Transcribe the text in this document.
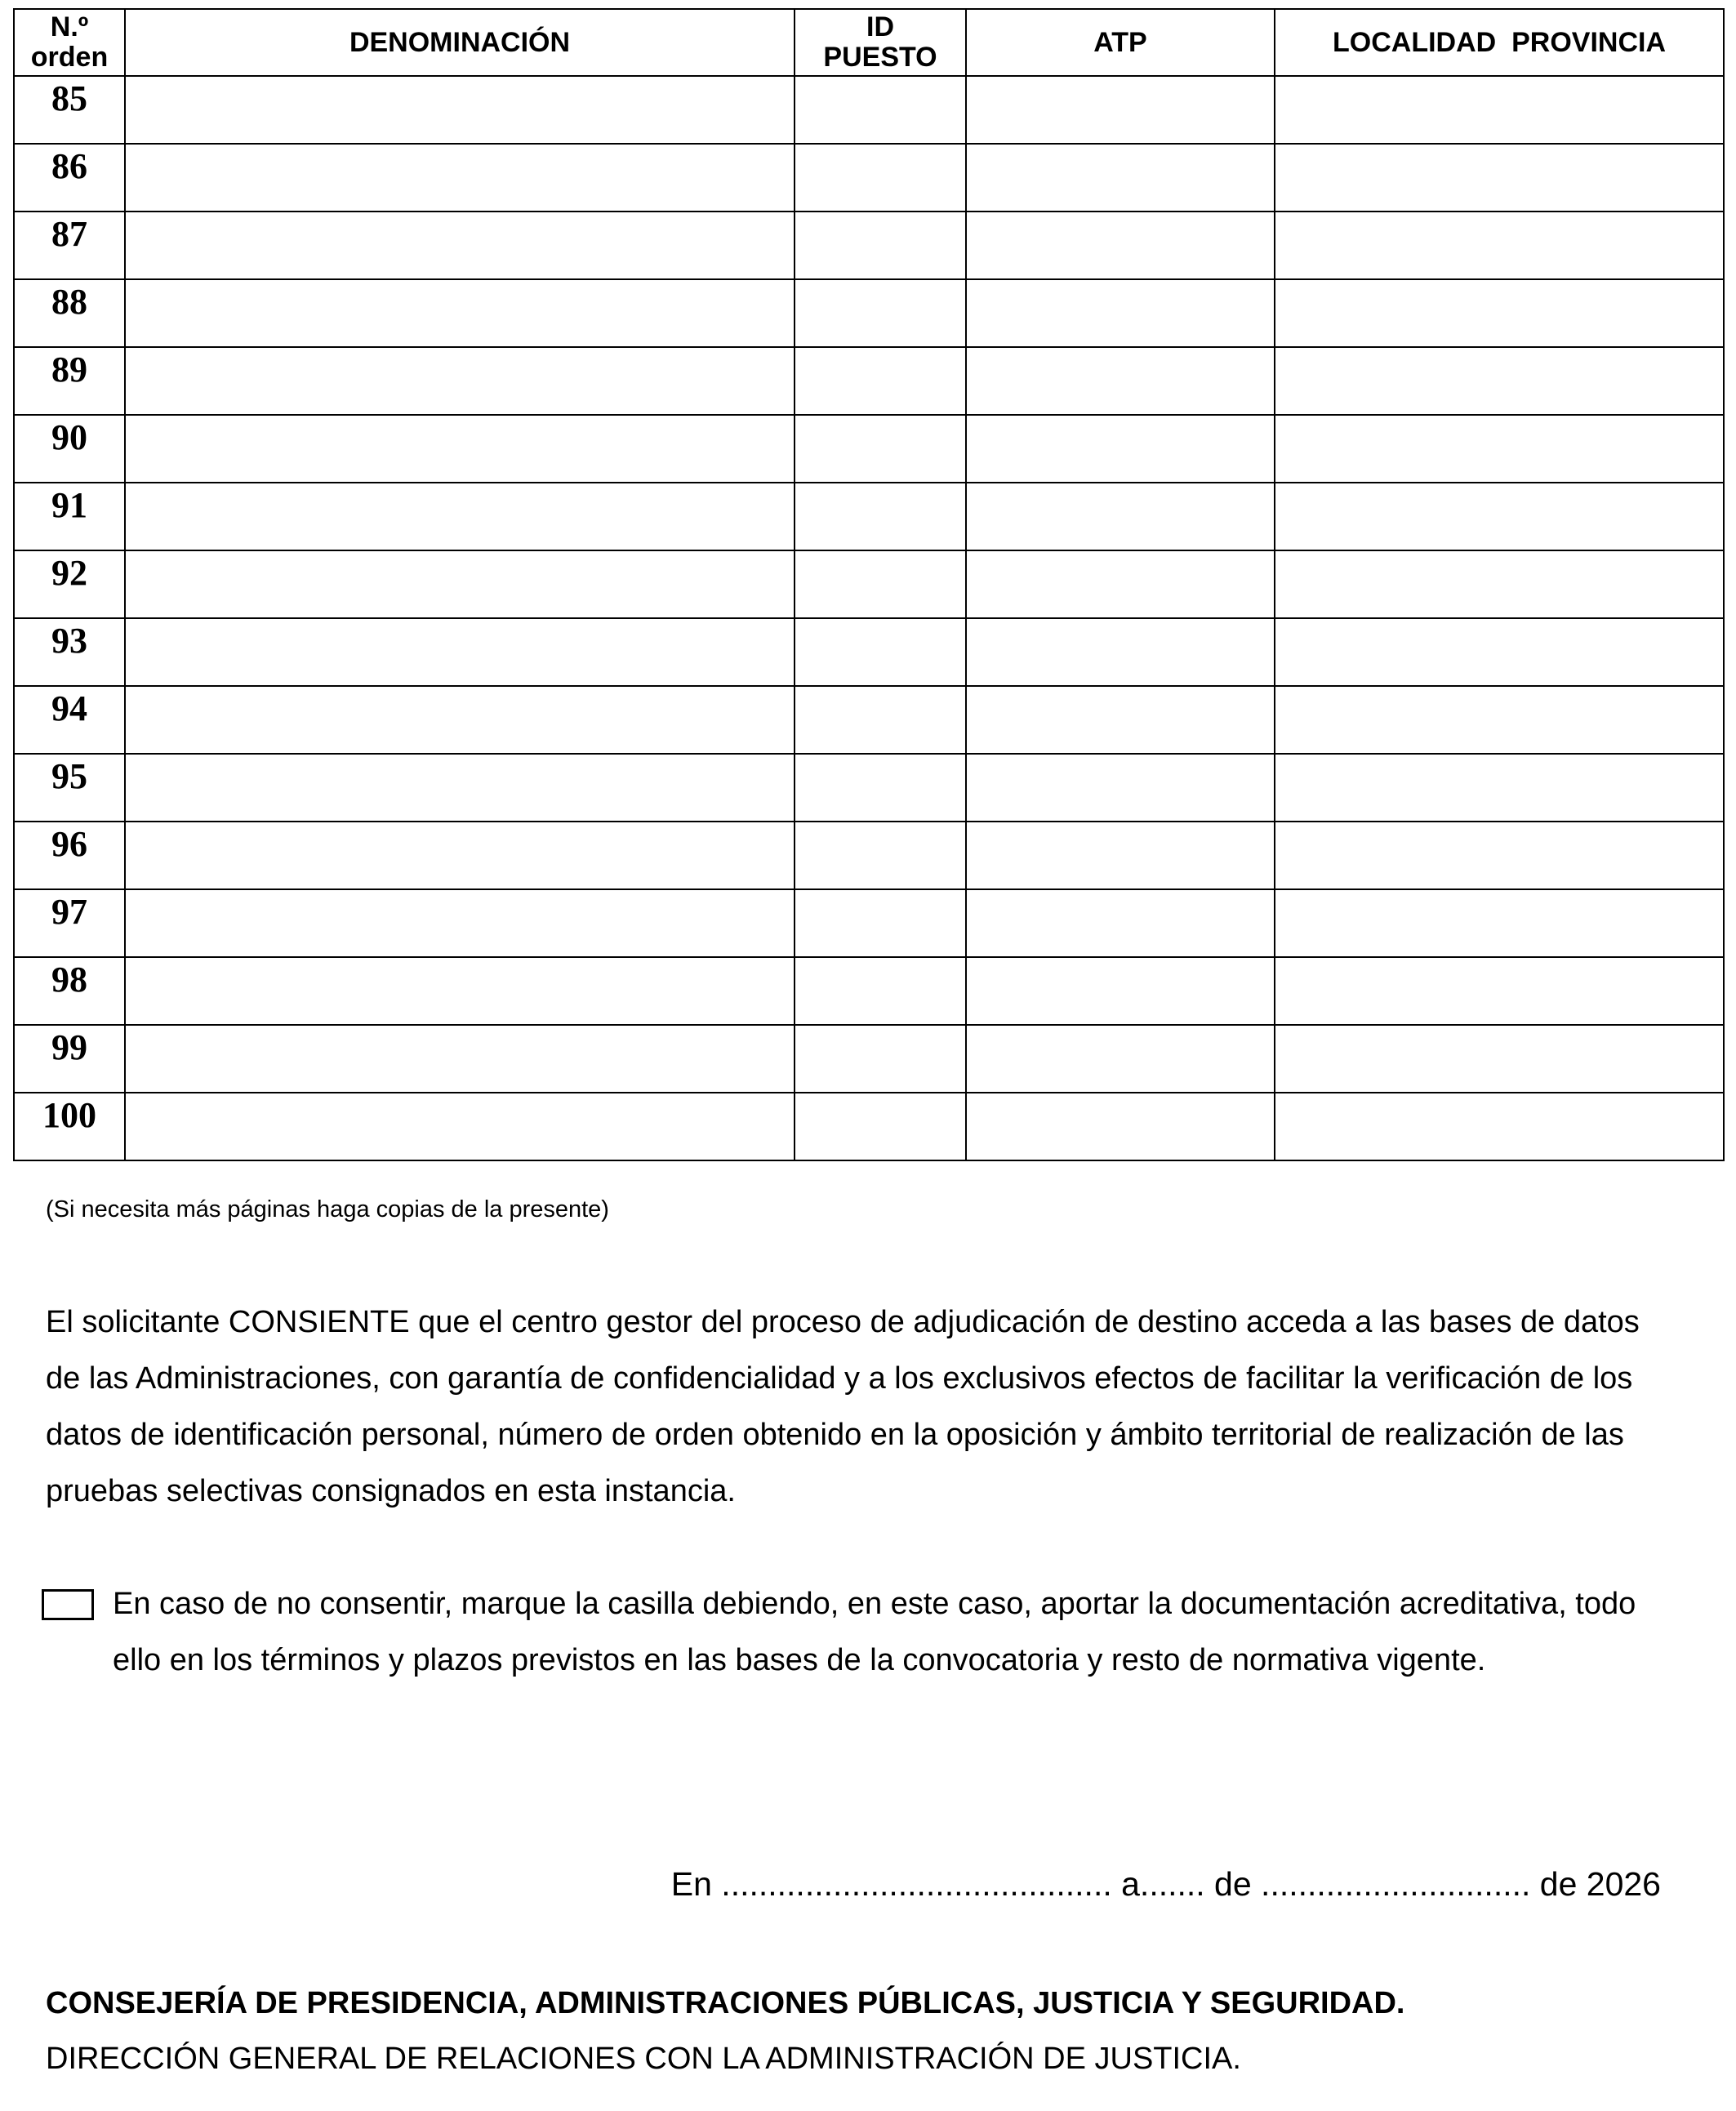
N.º orden	DENOMINACIÓN	ID PUESTO	ATP	LOCALIDAD  PROVINCIA
85				
86				
87				
88				
89				
90				
91				
92				
93				
94				
95				
96				
97				
98				
99				
100				
(Si necesita más páginas haga copias de la presente)
El solicitante CONSIENTE que el centro gestor del proceso de adjudicación de destino acceda a las bases de datos de las Administraciones, con garantía de confidencialidad y a los exclusivos efectos de facilitar la verificación de los datos de identificación personal, número de orden obtenido en la oposición y ámbito territorial de realización de las pruebas selectivas consignados en esta instancia.
En caso de no consentir, marque la casilla debiendo, en este caso, aportar la documentación acreditativa, todo ello en los términos y plazos previstos en las bases de la convocatoria y resto de normativa vigente.
En .......................................... a....... de ............................. de 2026
CONSEJERÍA DE PRESIDENCIA, ADMINISTRACIONES PÚBLICAS, JUSTICIA Y SEGURIDAD.
DIRECCIÓN GENERAL DE RELACIONES CON LA ADMINISTRACIÓN DE JUSTICIA.
